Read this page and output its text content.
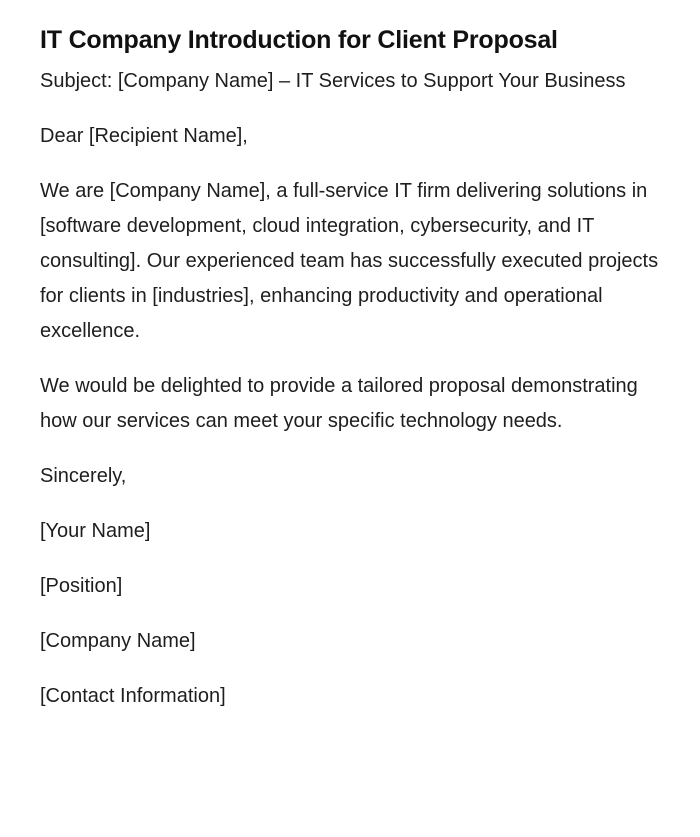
IT Company Introduction for Client Proposal

Subject: [Company Name] – IT Services to Support Your Business

Dear [Recipient Name],

We are [Company Name], a full-service IT firm delivering solutions in [software development, cloud integration, cybersecurity, and IT consulting]. Our experienced team has successfully executed projects for clients in [industries], enhancing productivity and operational excellence.

We would be delighted to provide a tailored proposal demonstrating how our services can meet your specific technology needs.

Sincerely,

[Your Name]

[Position]

[Company Name]

[Contact Information]
